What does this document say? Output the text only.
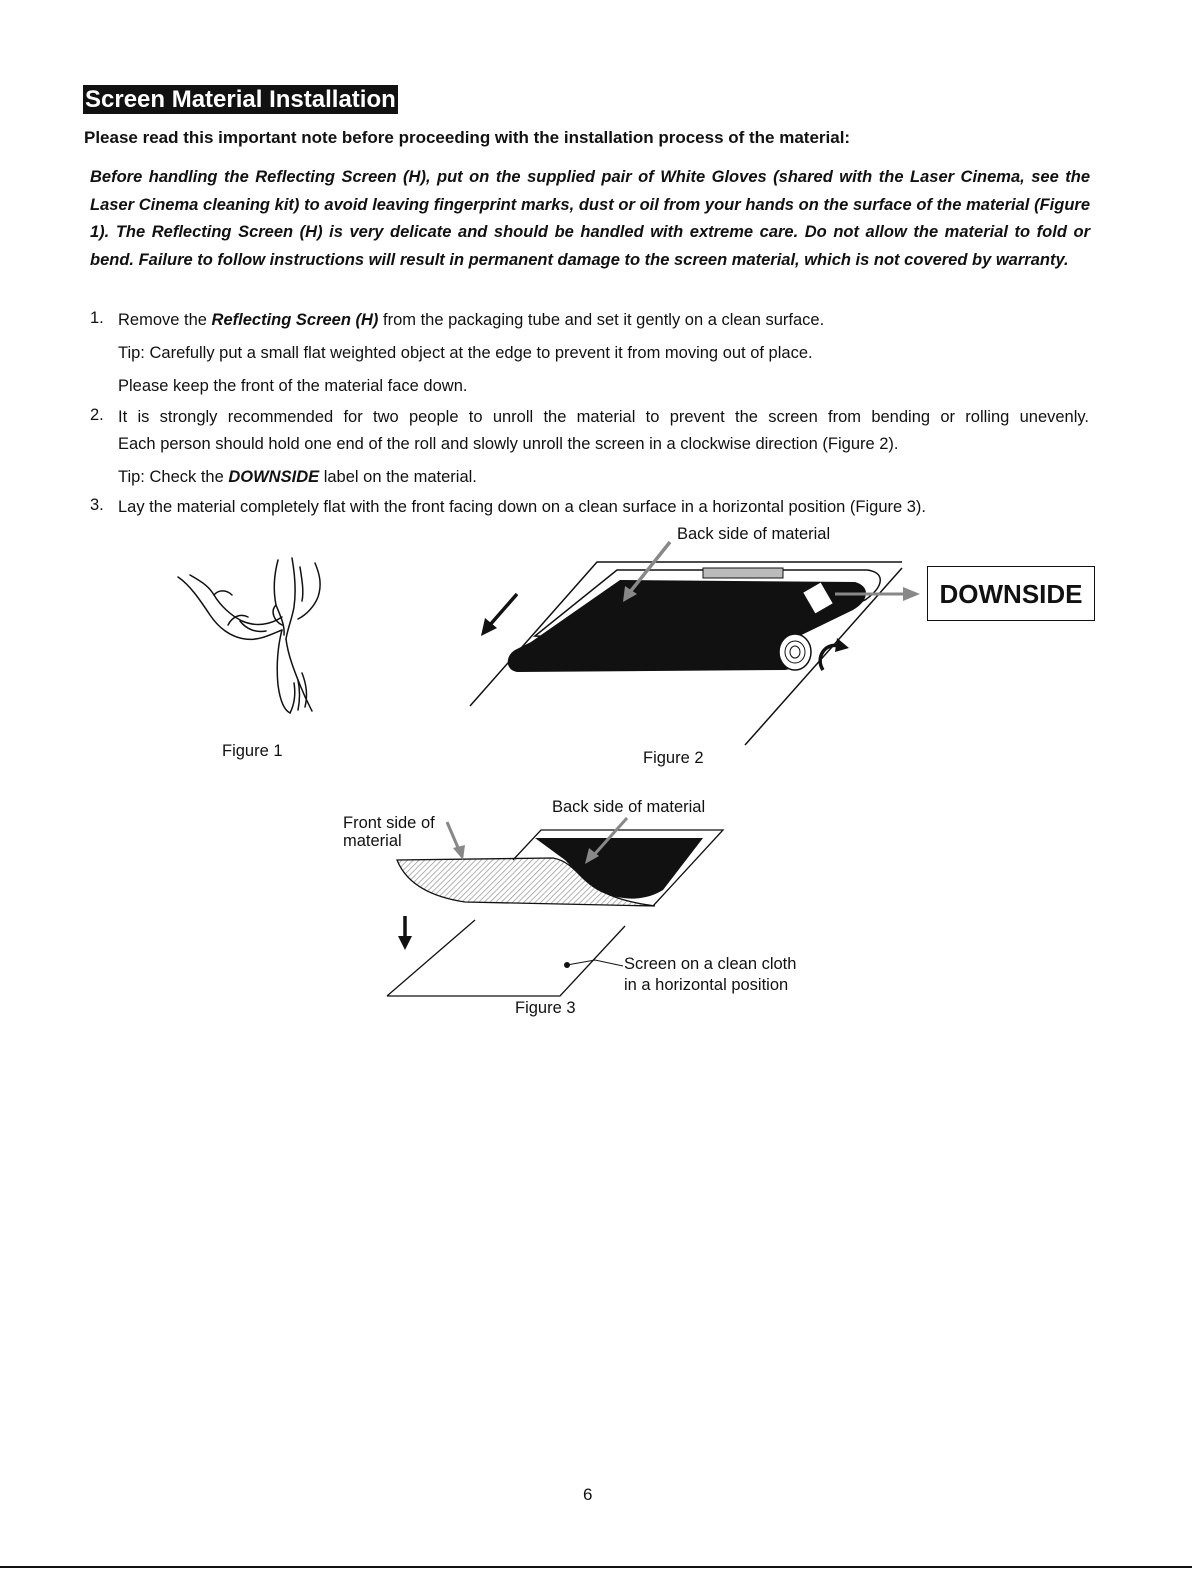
Screen Material Installation
Please read this important note before proceeding with the installation process of the material:
Before handling the Reflecting Screen (H), put on the supplied pair of White Gloves (shared with the Laser Cinema, see the Laser Cinema cleaning kit) to avoid leaving fingerprint marks, dust or oil from your hands on the surface of the material (Figure 1). The Reflecting Screen (H) is very delicate and should be handled with extreme care. Do not allow the material to fold or bend. Failure to follow instructions will result in permanent damage to the screen material, which is not covered by warranty.
1. Remove the Reflecting Screen (H) from the packaging tube and set it gently on a clean surface.
Tip: Carefully put a small flat weighted object at the edge to prevent it from moving out of place.
Please keep the front of the material face down.
2. It is strongly recommended for two people to unroll the material to prevent the screen from bending or rolling unevenly.
Each person should hold one end of the roll and slowly unroll the screen in a clockwise direction (Figure 2).
Tip: Check the DOWNSIDE label on the material.
3. Lay the material completely flat with the front facing down on a clean surface in a horizontal position (Figure 3).
Figure 1
Back side of material
DOWNSIDE
Figure 2
Back side of material
Front side of
material
Screen on a clean cloth
in a horizontal position
Figure 3
6
